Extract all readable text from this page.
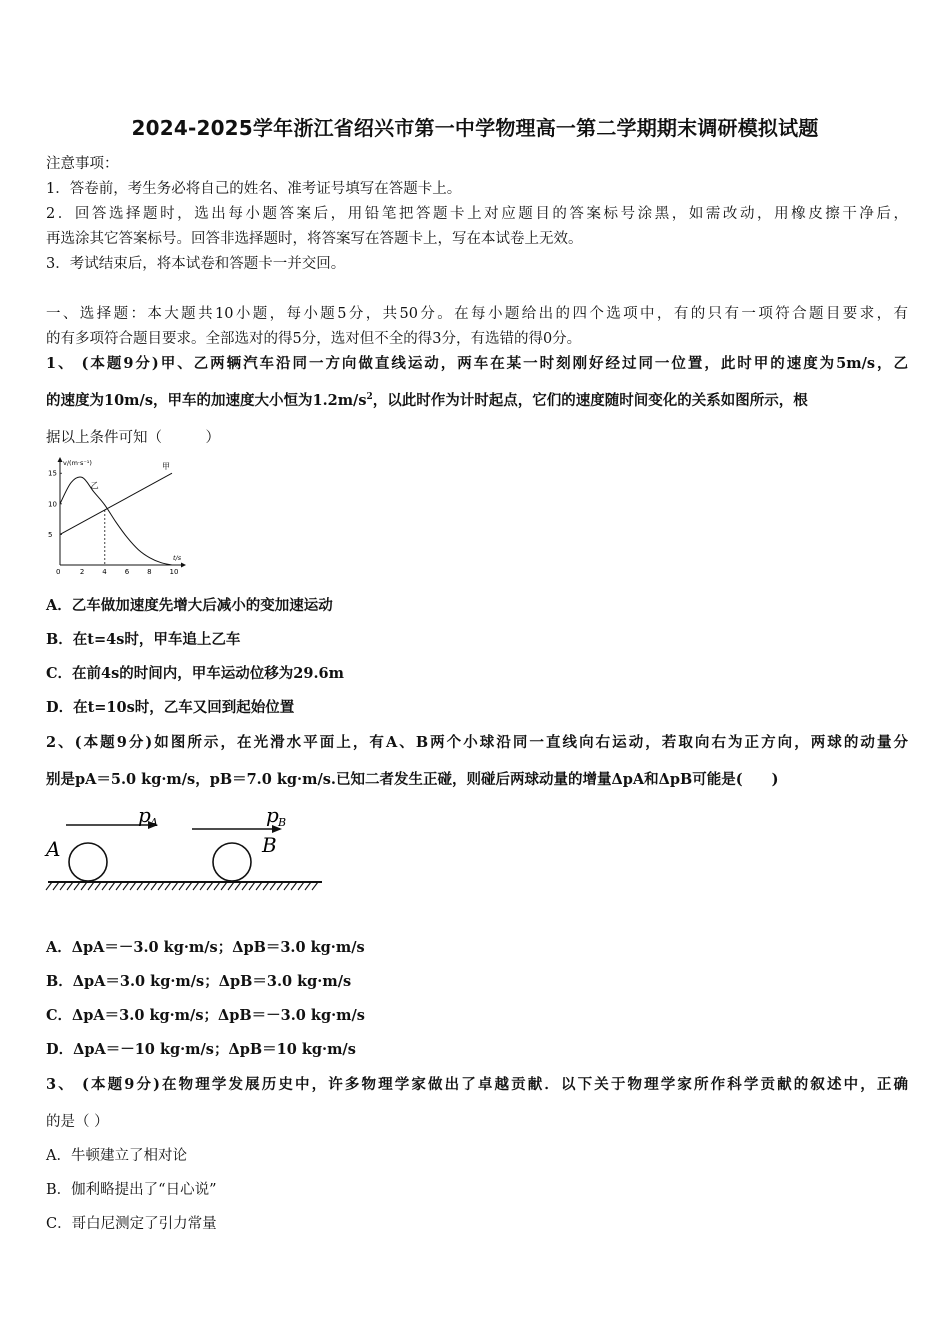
2024-2025学年浙江省绍兴市第一中学物理高一第二学期期末调研模拟试题
注意事项：
1．答卷前，考生务必将自己的姓名、准考证号填写在答题卡上。
2．回答选择题时，选出每小题答案后，用铅笔把答题卡上对应题目的答案标号涂黑，如需改动，用橡皮擦干净后，
再选涂其它答案标号。回答非选择题时，将答案写在答题卡上，写在本试卷上无效。
3．考试结束后，将本试卷和答题卡一并交回。
一、选择题：本大题共10小题，每小题5分，共50分。在每小题给出的四个选项中，有的只有一项符合题目要求，有
的有多项符合题目要求。全部选对的得5分，选对但不全的得3分，有选错的得0分。
1、 (本题9分)甲、乙两辆汽车沿同一方向做直线运动，两车在某一时刻刚好经过同一位置，此时甲的速度为5m/s，乙
的速度为10m/s，甲车的加速度大小恒为$1.2m/s^2$，以此时作为计时起点，它们的速度随时间变化的关系如图所示，根
据以上条件可知（　　　）
v/(m·s⁻¹)
t/s
0	2	4	6	8	10
5
10
15
甲
乙
A．乙车做加速度先增大后减小的变加速运动
B．在t=4s时，甲车追上乙车
C．在前4s的时间内，甲车运动位移为29.6m
D．在t=10s时，乙车又回到起始位置
2、(本题9分)如图所示，在光滑水平面上，有A、B两个小球沿同一直线向右运动，若取向右为正方向，两球的动量分
别是pA＝5.0 kg·m/s，pB＝7.0 kg·m/s.已知二者发生正碰，则碰后两球动量的增量ΔpA和ΔpB可能是(　　)
p A	p B
A	B
A．ΔpA＝－3.0 kg·m/s；ΔpB＝3.0 kg·m/s
B．ΔpA＝3.0 kg·m/s；ΔpB＝3.0 kg·m/s
C．ΔpA＝3.0 kg·m/s；ΔpB＝－3.0 kg·m/s
D．ΔpA＝－10 kg·m/s；ΔpB＝10 kg·m/s
3、 (本题9分)在物理学发展历史中，许多物理学家做出了卓越贡献．以下关于物理学家所作科学贡献的叙述中，正确
的是（ ）
A．牛顿建立了相对论
B．伽利略提出了“日心说”
C．哥白尼测定了引力常量
